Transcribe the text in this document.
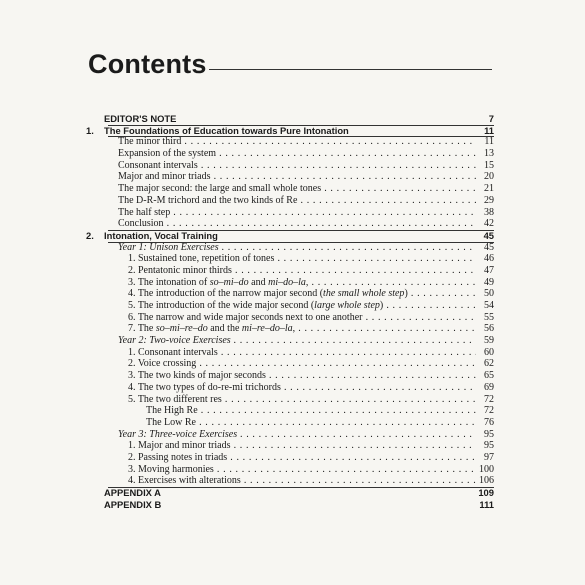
Contents
EDITOR'S NOTE	7
1. The Foundations of Education towards Pure Intonation	11
The minor third . . .	11
Expansion of the system . . .	13
Consonant intervals . . .	15
Major and minor triads . . .	20
The major second: the large and small whole tones . . .	21
The D-R-M trichord and the two kinds of Re . . .	29
The half step . . .	38
Conclusion . . .	42
2. Intonation, Vocal Training	45
Year 1: Unison Exercises . . .	45
1. Sustained tone, repetition of tones . . .	46
2. Pentatonic minor thirds . . .	47
3. The intonation of so–mi–do and mi–do–la, . . .	49
4. The introduction of the narrow major second (the small whole step) . . .	50
5. The introduction of the wide major second (large whole step) . . .	54
6. The narrow and wide major seconds next to one another . . .	55
7. The so–mi–re–do and the mi–re–do–la, . . .	56
Year 2: Two-voice Exercises . . .	59
1. Consonant intervals . . .	60
2. Voice crossing . . .	62
3. The two kinds of major seconds . . .	65
4. The two types of do-re-mi trichords . . .	69
5. The two different res . . .	72
The High Re . . .	72
The Low Re . . .	76
Year 3: Three-voice Exercises . . .	95
1. Major and minor triads . . .	95
2. Passing notes in triads . . .	97
3. Moving harmonies . . .	100
4. Exercises with alterations . . .	106
APPENDIX A	109
APPENDIX B	111
